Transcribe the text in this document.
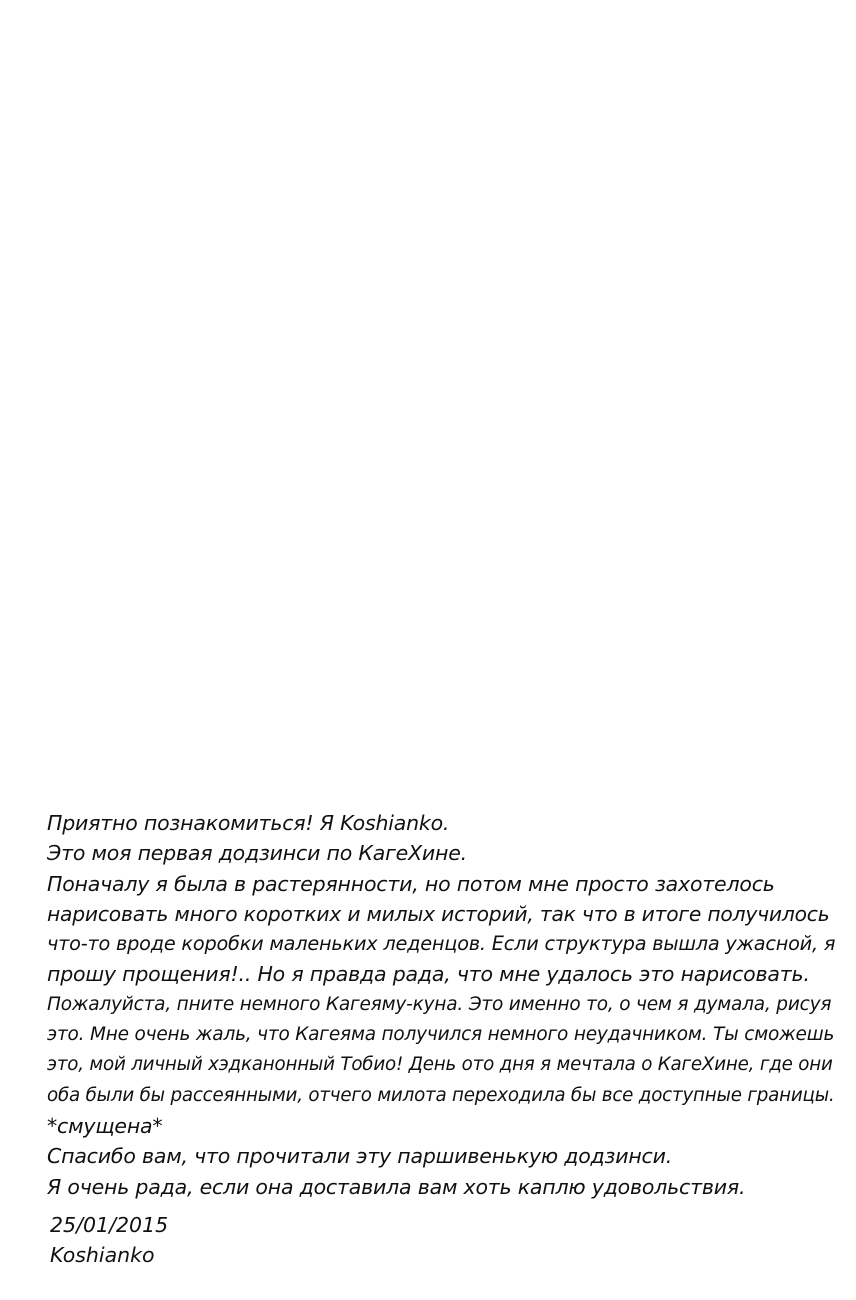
Приятно познакомиться! Я Koshianko.
Это моя первая додзинси по КагеХине.
Поначалу я была в растерянности, но потом мне просто захотелось
нарисовать много коротких и милых историй, так что в итоге получилось
что-то вроде коробки маленьких леденцов. Если структура вышла ужасной, я
прошу прощения!.. Но я правда рада, что мне удалось это нарисовать.
Пожалуйста, пните немного Кагеяму-куна. Это именно то, о чем я думала, рисуя
это. Мне очень жаль, что Кагеяма получился немного неудачником. Ты сможешь
это, мой личный хэдканонный Тобио! День ото дня я мечтала о КагеХине, где они
оба были бы рассеянными, отчего милота переходила бы все доступные границы.
*смущена*
Спасибо вам, что прочитали эту паршивенькую додзинси.
Я очень рада, если она доставила вам хоть каплю удовольствия.
25/01/2015
Koshianko
